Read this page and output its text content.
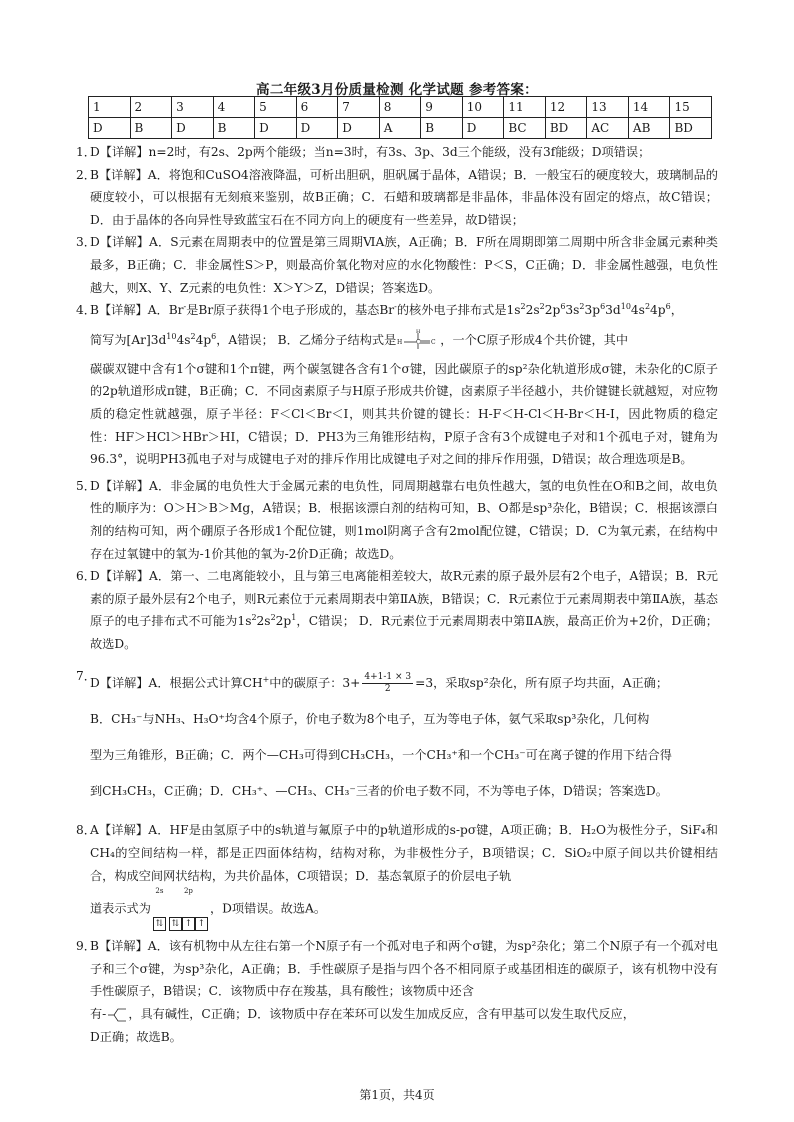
高二年级3月份质量检测 化学试题 参考答案：
1	2	3	4	5	6	7	8	9	10	11	12	13	14	15
D	B	D	B	D	D	D	A	B	D	BC	BD	AC	AB	BD
1．

D【详解】n=2时，有2s、2p两个能级；当n=3时，有3s、3p、3d三个能级，没有3f能级；D项错误；

2．

B【详解】A．将饱和CuSO4溶液降温，可析出胆矾，胆矾属于晶体，A错误；B．一般宝石的硬度较大，玻璃制品的硬度较小，可以根据有无刻痕来鉴别，故B正确；C．石蜡和玻璃都是非晶体，非晶体没有固定的熔点，故C错误；D．由于晶体的各向异性导致蓝宝石在不同方向上的硬度有一些差异，故D错误；

3．

D【详解】A．S元素在周期表中的位置是第三周期ⅥA族，A正确；B．F所在周期即第二周期中所含非金属元素种类最多，B正确；C．非金属性S＞P，则最高价氧化物对应的水化物酸性：P＜S，C正确；D．非金属性越强，电负性越大，则X、Y、Z元素的电负性：X＞Y＞Z，D错误；答案选D。

4．

B【详解】A．Br-是Br原子获得1个电子形成的，基态Br-的核外电子排布式是$1s^22s^22p^63s^23p^63d^{10}4s^24p^6$，

简写为$[Ar]3d^{10}4s^24p^6$，A错误； B．乙烯分子结构式是 H
H
C C ，一个C原子形成4个共价键，其中

碳碳双键中含有1个σ键和1个π键，两个碳氢键各含有1个σ键，因此碳原子的sp²杂化轨道形成σ键，未杂化的C原子的2p轨道形成π键，B正确；C．不同卤素原子与H原子形成共价键，卤素原子半径越小，共价键键长就越短，对应物质的稳定性就越强，原子半径：F＜Cl＜Br＜I，则其共价键的键长：H-F＜H-Cl＜H-Br＜H-I，因此物质的稳定性：HF＞HCl＞HBr＞HI，C错误；D．PH3为三角锥形结构，P原子含有3个成键电子对和1个孤电子对，键角为96.3°，说明PH3孤电子对与成键电子对的排斥作用比成键电子对之间的排斥作用强，D错误；故合理选项是B。

5．

D【详解】A．非金属的电负性大于金属元素的电负性，同周期越靠右电负性越大，氢的电负性在O和B之间，故电负性的顺序为：O＞H＞B＞Mg，A错误；B．根据该漂白剂的结构可知，B、O都是sp³杂化，B错误；C．根据该漂白剂的结构可知，两个硼原子各形成1个配位键，则1mol阴离子含有2mol配位键，C错误；D．C为氧元素，在结构中存在过氧键中的氧为-1价其他的氧为-2价D正确；故选D。

6．

D【详解】A．第一、二电离能较小，且与第三电离能相差较大，故R元素的原子最外层有2个电子，A错误；B．R元素的原子最外层有2个电子，则R元素位于元素周期表中第ⅡA族，B错误；C．R元素位于元素周期表中第ⅡA族，基态原子的电子排布式不可能为$1s^22s^22p^1$，C错误； D．R元素位于元素周期表中第ⅡA族，最高正价为+2价，D正确；故选D。

7．

D【详解】A．根据公式计算CH+中的碳原子：$3+ \frac{4+1-1 \times 3}{2} =3$，采取sp²杂化，所有原子均共面，A正确；

B．CH₃⁻与NH₃、H₃O⁺均含4个原子，价电子数为8个电子，互为等电子体，氨气采取sp³杂化，几何构

型为三角锥形，B正确；C．两个—CH₃可得到CH₃CH₃，一个CH₃⁺和一个CH₃⁻可在离子键的作用下结合得

到CH₃CH₃，C正确；D．CH₃⁺、—CH₃、CH₃⁻三者的价电子数不同，不为等电子体，D错误；答案选D。

8．

A【详解】A．HF是由氢原子中的s轨道与氟原子中的p轨道形成的s-pσ键，A项正确；B．H₂O为极性分子，SiF₄和CH₄的空间结构一样，都是正四面体结构，结构对称，为非极性分子，B项错误；C．SiO₂中原子间以共价键相结合，构成空间网状结构，为共价晶体，C项错误；D．基态氧原子的价层电子轨

道表示式为
2s
⇅
2p
⇅ ↑ ↑，D项错误。故选A。

9．

B【详解】A．该有机物中从左往右第一个N原子有一个孤对电子和两个σ键，为sp²杂化；第二个N原子有一个孤对电子和三个σ键，为sp³杂化，A正确；B．手性碳原子是指与四个各不相同原子或基团相连的碳原子，该有机物中没有手性碳原子，B错误；C．该物质中存在羧基，具有酸性；该物质中还含

有- ，具有碱性，C正确；D．该物质中存在苯环可以发生加成反应，含有甲基可以发生取代反应，

D正确；故选B。

第1页，共4页
